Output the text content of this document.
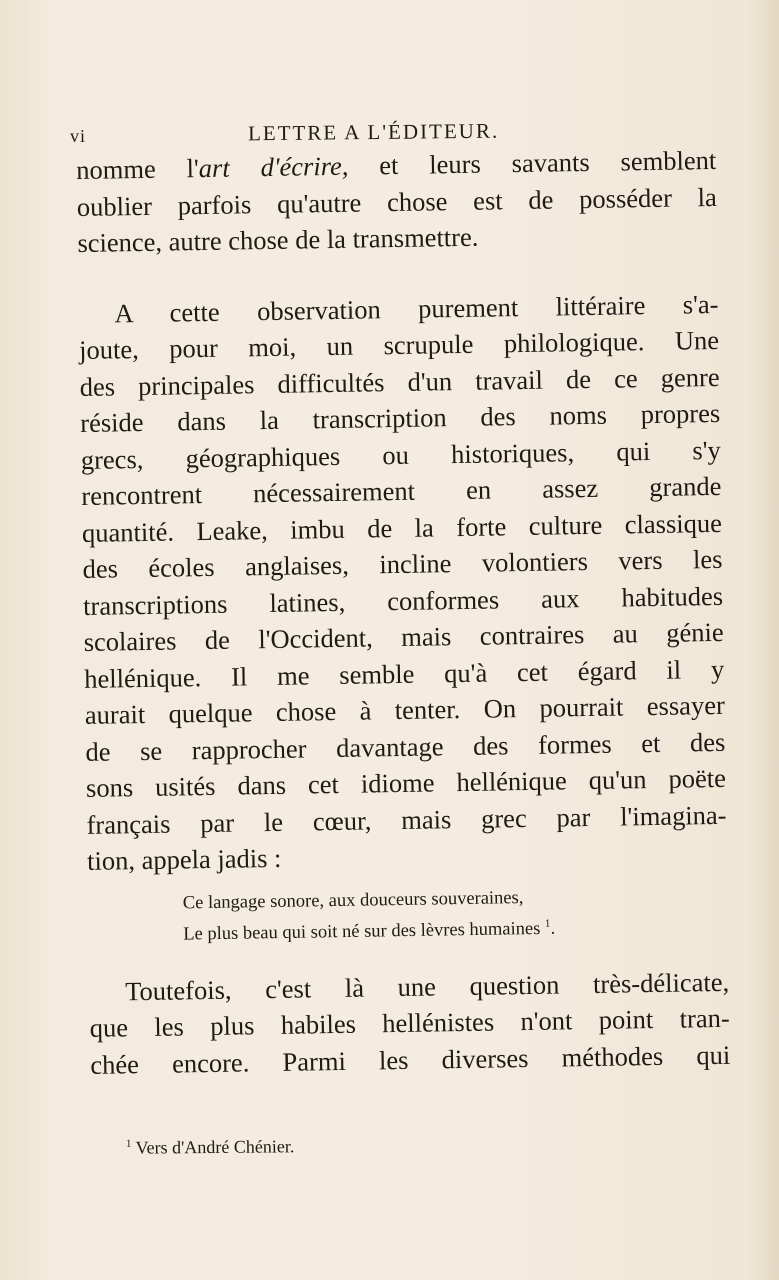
vi	LETTRE A L'ÉDITEUR.
nomme l'art d'écrire, et leurs savants semblent
oublier parfois qu'autre chose est de posséder la
science, autre chose de la transmettre.
A cette observation purement littéraire s'a-
joute, pour moi, un scrupule philologique. Une
des principales difficultés d'un travail de ce genre
réside dans la transcription des noms propres
grecs, géographiques ou historiques, qui s'y
rencontrent nécessairement en assez grande
quantité. Leake, imbu de la forte culture classique
des écoles anglaises, incline volontiers vers les
transcriptions latines, conformes aux habitudes
scolaires de l'Occident, mais contraires au génie
hellénique. Il me semble qu'à cet égard il y
aurait quelque chose à tenter. On pourrait essayer
de se rapprocher davantage des formes et des
sons usités dans cet idiome hellénique qu'un poëte
français par le cœur, mais grec par l'imagina-
tion, appela jadis :
Ce langage sonore, aux douceurs souveraines,
Le plus beau qui soit né sur des lèvres humaines $^1$.
Toutefois, c'est là une question très-délicate,
que les plus habiles hellénistes n'ont point tran-
chée encore. Parmi les diverses méthodes qui
$^1$ Vers d'André Chénier.
